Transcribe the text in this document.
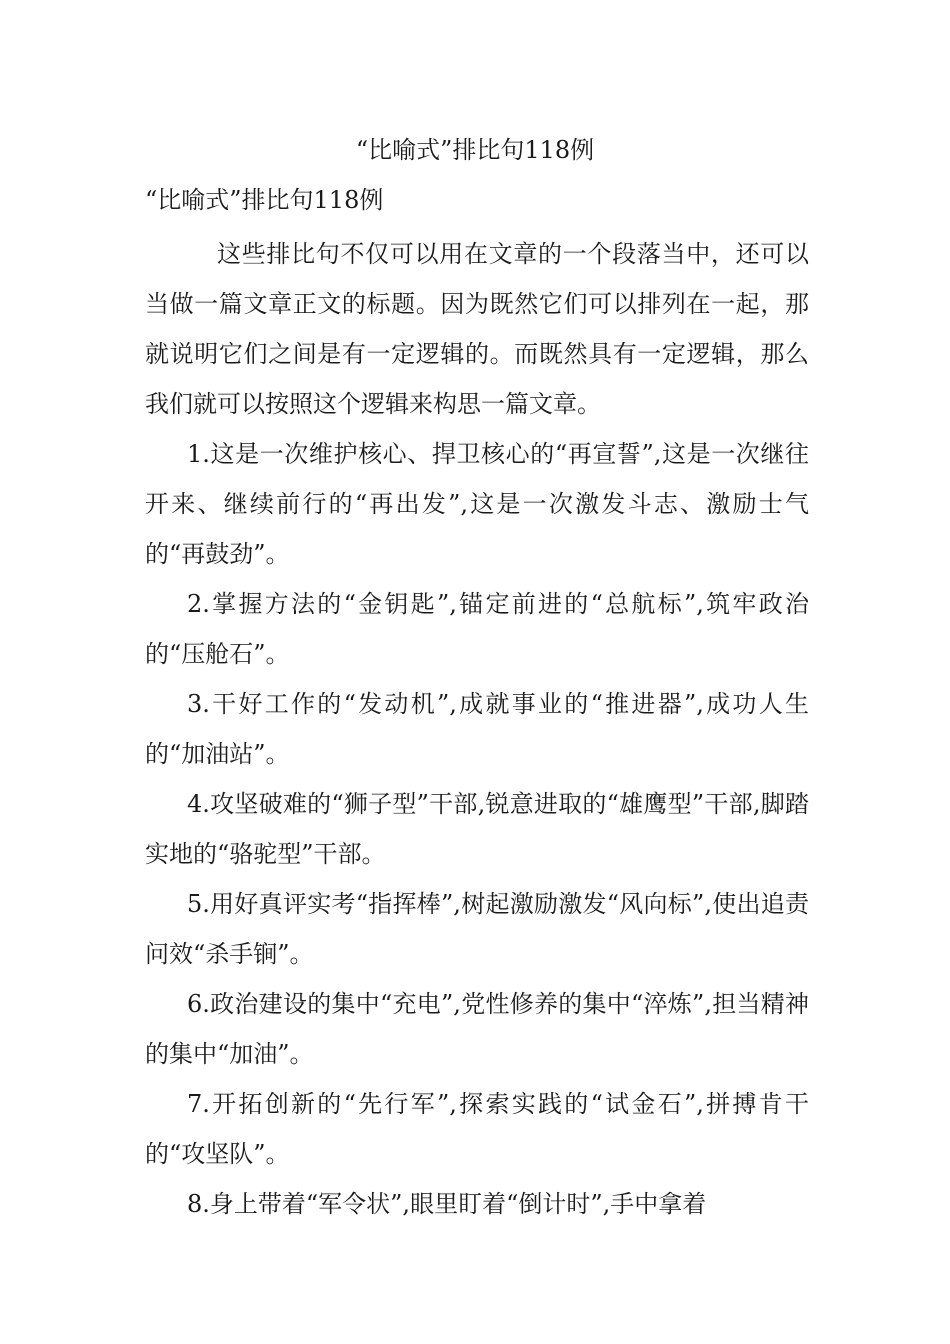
“比喻式”排比句118例
“比喻式”排比句118例

这些排比句不仅可以用在文章的一个段落当中，还可以当做一篇文章正文的标题。因为既然它们可以排列在一起，那就说明它们之间是有一定逻辑的。而既然具有一定逻辑，那么我们就可以按照这个逻辑来构思一篇文章。

1.这是一次维护核心、捍卫核心的“再宣誓”,这是一次继往开来、继续前行的“再出发”,这是一次激发斗志、激励士气的“再鼓劲”。

2.掌握方法的“金钥匙”,锚定前进的“总航标”,筑牢政治的“压舱石”。

3.干好工作的“发动机”,成就事业的“推进器”,成功人生的“加油站”。

4.攻坚破难的“狮子型”干部,锐意进取的“雄鹰型”干部,脚踏实地的“骆驼型”干部。

5.用好真评实考“指挥棒”,树起激励激发“风向标”,使出追责问效“杀手锏”。

6.政治建设的集中“充电”,党性修养的集中“淬炼”,担当精神的集中“加油”。

7.开拓创新的“先行军”,探索实践的“试金石”,拼搏肯干的“攻坚队”。

8.身上带着“军令状”,眼里盯着“倒计时”,手中拿着
